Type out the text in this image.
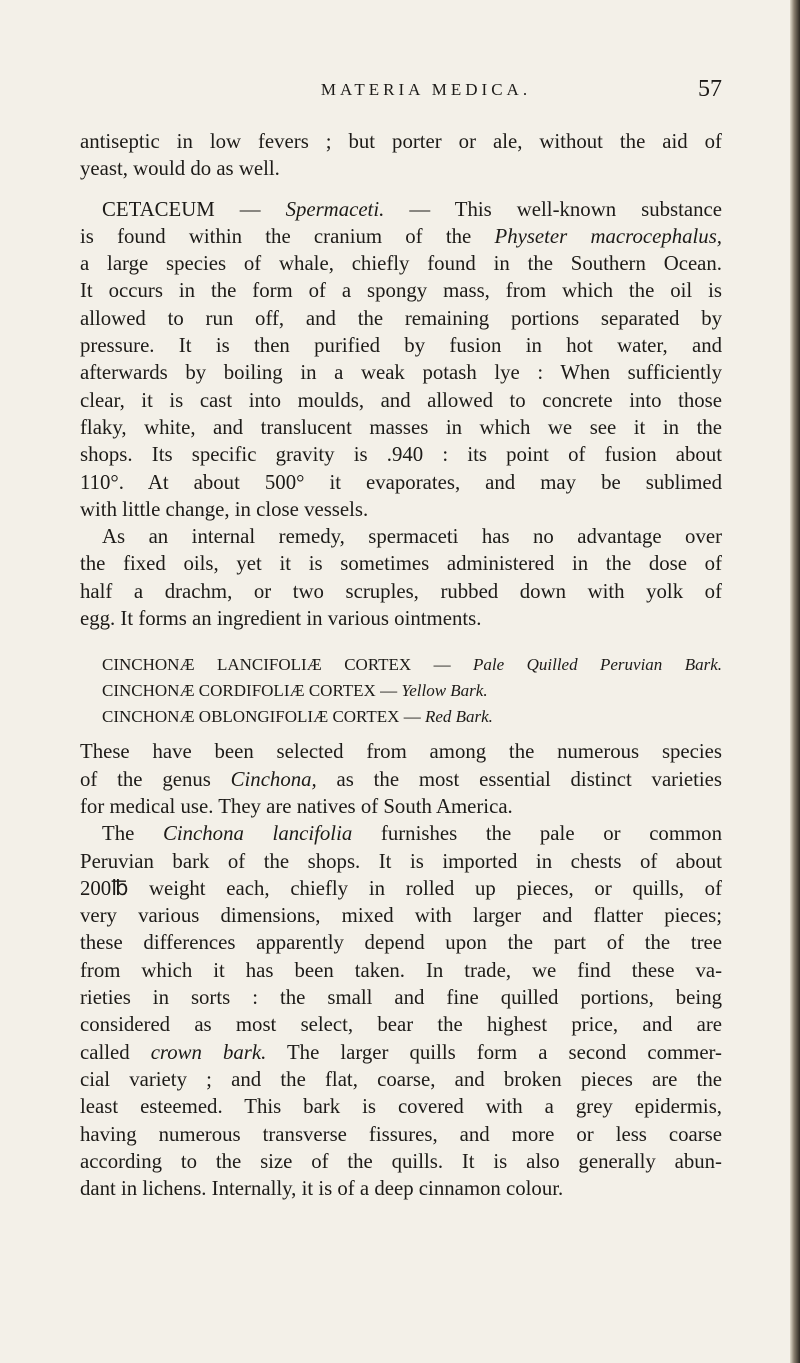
MATERIA MEDICA.	57
antiseptic in low fevers ; but porter or ale, without the aid of
yeast, would do as well.
CETACEUM — Spermaceti. — This well-known substance
is found within the cranium of the Physeter macrocephalus,
a large species of whale, chiefly found in the Southern Ocean.
It occurs in the form of a spongy mass, from which the oil is
allowed to run off, and the remaining portions separated by
pressure. It is then purified by fusion in hot water, and
afterwards by boiling in a weak potash lye : When sufficiently
clear, it is cast into moulds, and allowed to concrete into those
flaky, white, and translucent masses in which we see it in the
shops. Its specific gravity is .940 : its point of fusion about
110°. At about 500° it evaporates, and may be sublimed
with little change, in close vessels.
As an internal remedy, spermaceti has no advantage over
the fixed oils, yet it is sometimes administered in the dose of
half a drachm, or two scruples, rubbed down with yolk of
egg. It forms an ingredient in various ointments.
CINCHONÆ LANCIFOLIÆ CORTEX — Pale Quilled Peruvian Bark.
CINCHONÆ CORDIFOLIÆ CORTEX — Yellow Bark.
CINCHONÆ OBLONGIFOLIÆ CORTEX — Red Bark.
These have been selected from among the numerous species
of the genus Cinchona, as the most essential distinct varieties
for medical use. They are natives of South America.
The Cinchona lancifolia furnishes the pale or common
Peruvian bark of the shops. It is imported in chests of about
200℔ weight each, chiefly in rolled up pieces, or quills, of
very various dimensions, mixed with larger and flatter pieces;
these differences apparently depend upon the part of the tree
from which it has been taken. In trade, we find these va-
rieties in sorts : the small and fine quilled portions, being
considered as most select, bear the highest price, and are
called crown bark. The larger quills form a second commer-
cial variety ; and the flat, coarse, and broken pieces are the
least esteemed. This bark is covered with a grey epidermis,
having numerous transverse fissures, and more or less coarse
according to the size of the quills. It is also generally abun-
dant in lichens. Internally, it is of a deep cinnamon colour.
